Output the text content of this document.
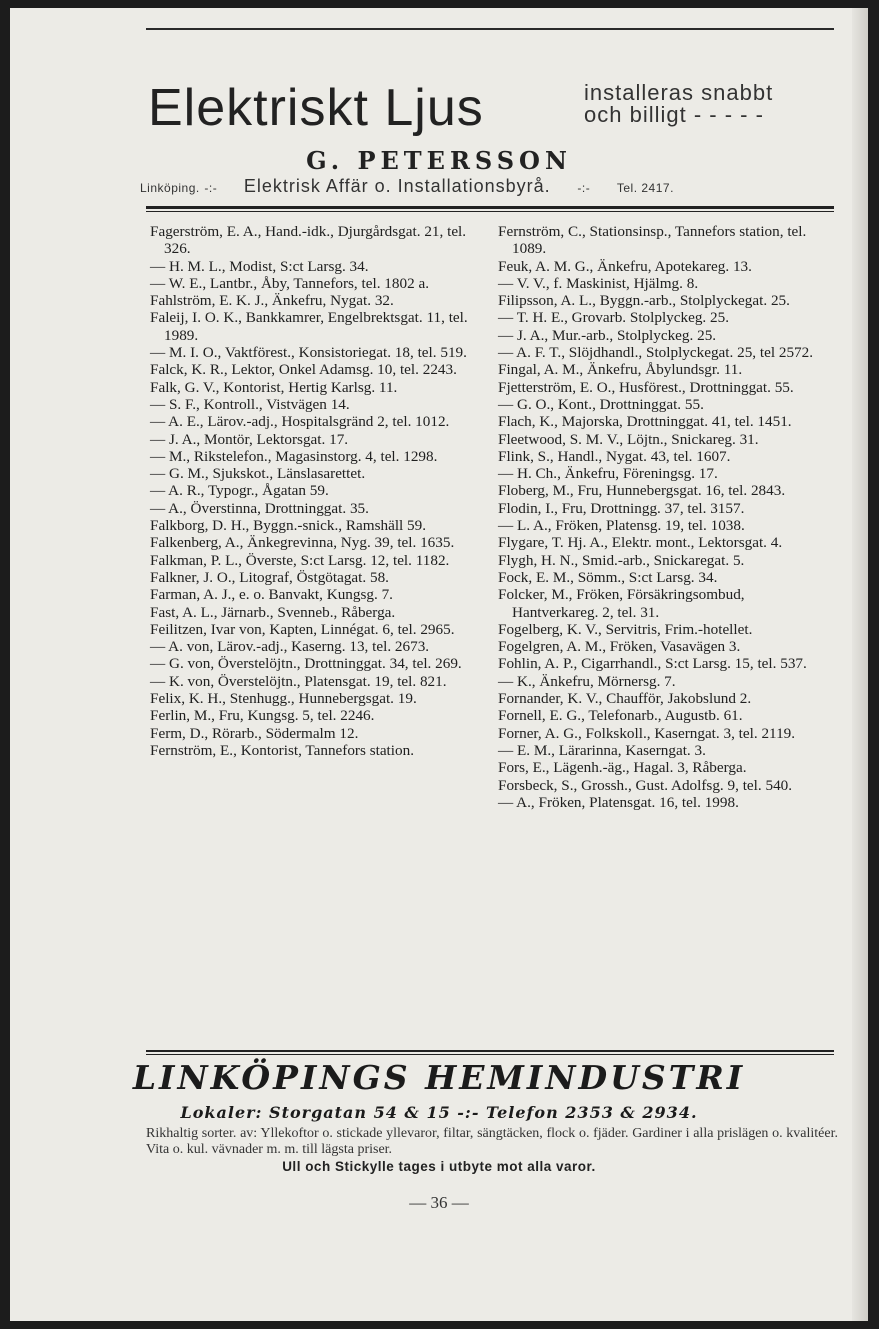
Elektriskt Ljus	installeras snabbt
och billigt - - - - -
G. PETERSSON
Linköping. -:- Elektrisk Affär o. Installationsbyrå. -:- Tel. 2417.

Fagerström, E. A., Hand.-idk., Djurgårdsgat. 21, tel. 326.

— H. M. L., Modist, S:ct Larsg. 34.

— W. E., Lantbr., Åby, Tannefors, tel. 1802 a.

Fahlström, E. K. J., Änkefru, Nygat. 32.

Faleij, I. O. K., Bankkamrer, Engelbrektsgat. 11, tel. 1989.

— M. I. O., Vaktförest., Konsistoriegat. 18, tel. 519.

Falck, K. R., Lektor, Onkel Adamsg. 10, tel. 2243.

Falk, G. V., Kontorist, Hertig Karlsg. 11.

— S. F., Kontroll., Vistvägen 14.

— A. E., Lärov.-adj., Hospitalsgränd 2, tel. 1012.

— J. A., Montör, Lektorsgat. 17.

— M., Rikstelefon., Magasinstorg. 4, tel. 1298.

— G. M., Sjukskot., Länslasarettet.

— A. R., Typogr., Ågatan 59.

— A., Överstinna, Drottninggat. 35.

Falkborg, D. H., Byggn.-snick., Ramshäll 59.

Falkenberg, A., Änkegrevinna, Nyg. 39, tel. 1635.

Falkman, P. L., Överste, S:ct Larsg. 12, tel. 1182.

Falkner, J. O., Litograf, Östgötagat. 58.

Farman, A. J., e. o. Banvakt, Kungsg. 7.

Fast, A. L., Järnarb., Svenneb., Råberga.

Feilitzen, Ivar von, Kapten, Linnégat. 6, tel. 2965.

— A. von, Lärov.-adj., Kaserng. 13, tel. 2673.

— G. von, Överstelöjtn., Drottninggat. 34, tel. 269.

— K. von, Överstelöjtn., Platensgat. 19, tel. 821.

Felix, K. H., Stenhugg., Hunnebergsgat. 19.

Ferlin, M., Fru, Kungsg. 5, tel. 2246.

Ferm, D., Rörarb., Södermalm 12.

Fernström, E., Kontorist, Tannefors station.

Fernström, C., Stationsinsp., Tannefors station, tel. 1089.

Feuk, A. M. G., Änkefru, Apotekareg. 13.

— V. V., f. Maskinist, Hjälmg. 8.

Filipsson, A. L., Byggn.-arb., Stolplyckegat. 25.

— T. H. E., Grovarb. Stolplyckeg. 25.

— J. A., Mur.-arb., Stolplyckeg. 25.

— A. F. T., Slöjdhandl., Stolplyckegat. 25, tel 2572.

Fingal, A. M., Änkefru, Åbylundsgr. 11.

Fjetterström, E. O., Husförest., Drottninggat. 55.

— G. O., Kont., Drottninggat. 55.

Flach, K., Majorska, Drottninggat. 41, tel. 1451.

Fleetwood, S. M. V., Löjtn., Snickareg. 31.

Flink, S., Handl., Nygat. 43, tel. 1607.

— H. Ch., Änkefru, Föreningsg. 17.

Floberg, M., Fru, Hunnebergsgat. 16, tel. 2843.

Flodin, I., Fru, Drottningg. 37, tel. 3157.

— L. A., Fröken, Platensg. 19, tel. 1038.

Flygare, T. Hj. A., Elektr. mont., Lektorsgat. 4.

Flygh, H. N., Smid.-arb., Snickaregat. 5.

Fock, E. M., Sömm., S:ct Larsg. 34.

Folcker, M., Fröken, Försäkringsombud, Hantverkareg. 2, tel. 31.

Fogelberg, K. V., Servitris, Frim.-hotellet.

Fogelgren, A. M., Fröken, Vasavägen 3.

Fohlin, A. P., Cigarrhandl., S:ct Larsg. 15, tel. 537.

— K., Änkefru, Mörnersg. 7.

Fornander, K. V., Chaufför, Jakobslund 2.

Fornell, E. G., Telefonarb., Augustb. 61.

Forner, A. G., Folkskoll., Kaserngat. 3, tel. 2119.

— E. M., Lärarinna, Kaserngat. 3.

Fors, E., Lägenh.-äg., Hagal. 3, Råberga.

Forsbeck, S., Grossh., Gust. Adolfsg. 9, tel. 540.

— A., Fröken, Platensgat. 16, tel. 1998.

LINKÖPINGS HEMINDUSTRI
Lokaler: Storgatan 54 & 15 -:- Telefon 2353 & 2934.
Rikhaltig sorter. av: Yllekoftor o. stickade yllevaror, filtar, sängtäcken, flock o. fjäder. Gardiner i alla prislägen o. kvalitéer. Vita o. kul. vävnader m. m. till lägsta priser.
Ull och Stickylle tages i utbyte mot alla varor.
— 36 —
